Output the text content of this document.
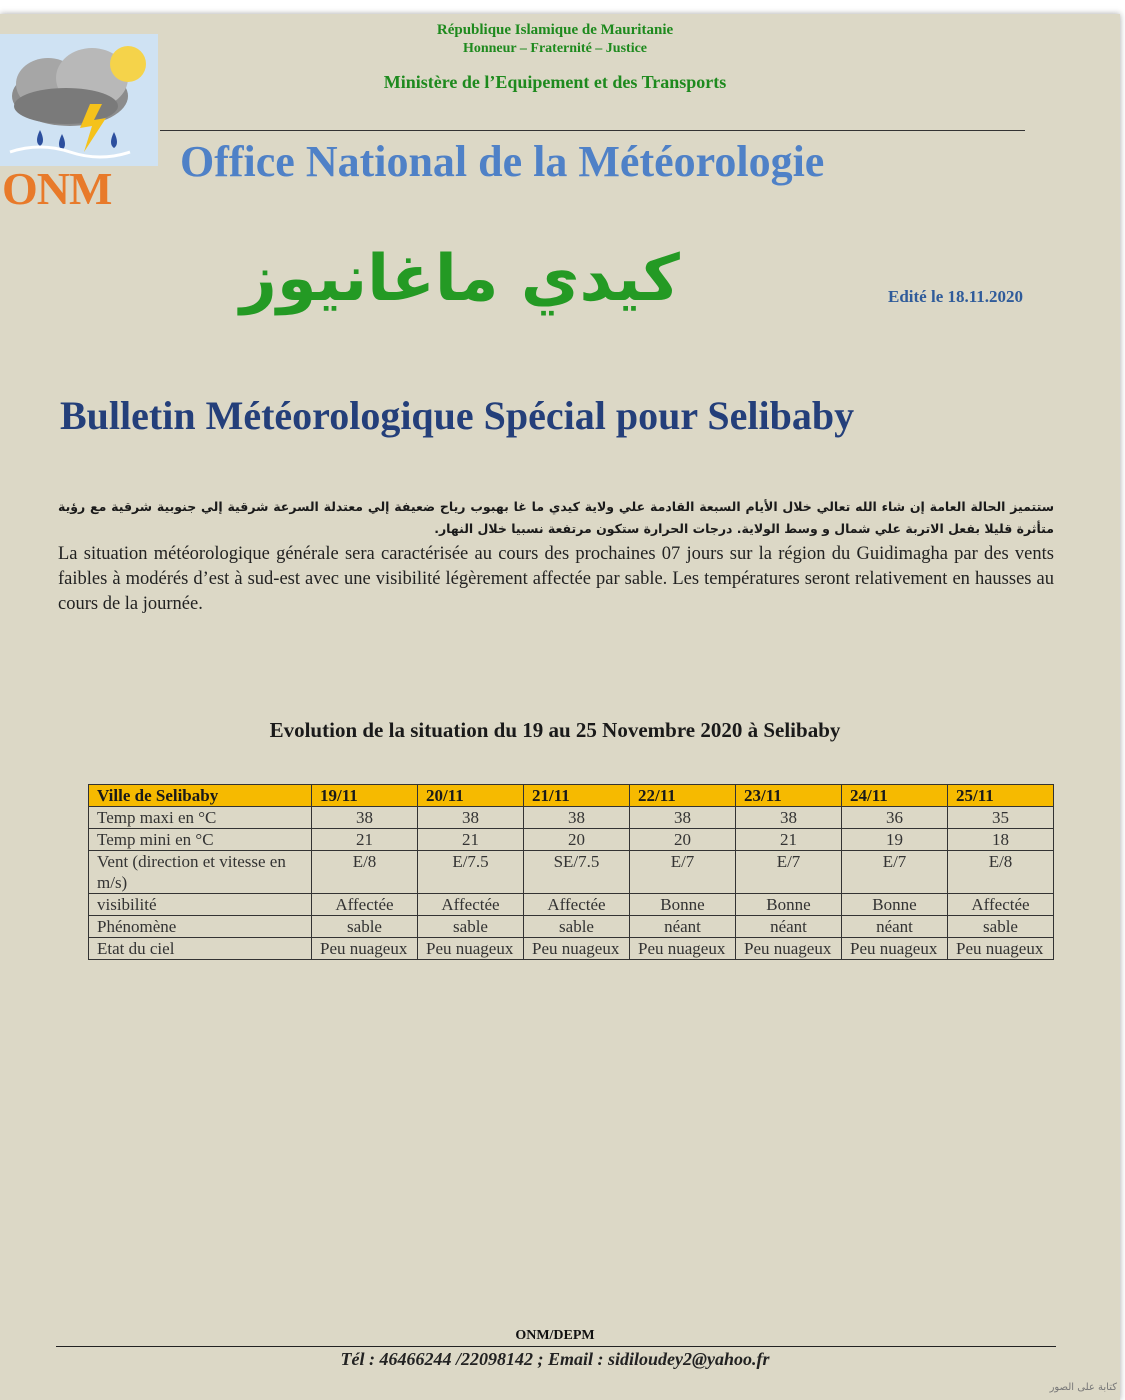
ONM
République Islamique de Mauritanie
Honneur – Fraternité – Justice
Ministère de l’Equipement et des Transports
Office National de la Météorologie
كيدي ماغانيوز	Edité le 18.11.2020
Bulletin Météorologique Spécial pour Selibaby
ستتميز الحالة العامة إن شاء الله تعالي خلال الأيام السبعة القادمة علي ولاية كيدي ما غا بهبوب رياح ضعيفة إلي معتدلة السرعة شرقية إلي جنوبية شرقية مع رؤية متأثرة قليلا بفعل الاتربة علي شمال و وسط الولاية. درجات الحرارة ستكون مرتفعة نسبيا خلال النهار.
La situation météorologique générale sera caractérisée au cours des prochaines 07 jours sur la région du Guidimagha par des vents faibles à modérés d’est à sud-est avec une visibilité légèrement affectée par sable. Les températures seront relativement en hausses au cours de la journée.
Evolution de la situation du 19 au 25 Novembre 2020 à Selibaby
Ville de Selibaby	19/11	20/11	21/11	22/11	23/11	24/11	25/11
Temp maxi en °C	38	38	38	38	38	36	35
Temp mini en °C	21	21	20	20	21	19	18
Vent (direction et vitesse en m/s)	E/8	E/7.5	SE/7.5	E/7	E/7	E/7	E/8
visibilité	Affectée	Affectée	Affectée	Bonne	Bonne	Bonne	Affectée
Phénomène	sable	sable	sable	néant	néant	néant	sable
Etat du ciel	Peu nuageux	Peu nuageux	Peu nuageux	Peu nuageux	Peu nuageux	Peu nuageux	Peu nuageux
ONM/DEPM
Tél : 46466244 /22098142 ; Email : sidiloudey2@yahoo.fr
كتابة على الصور
